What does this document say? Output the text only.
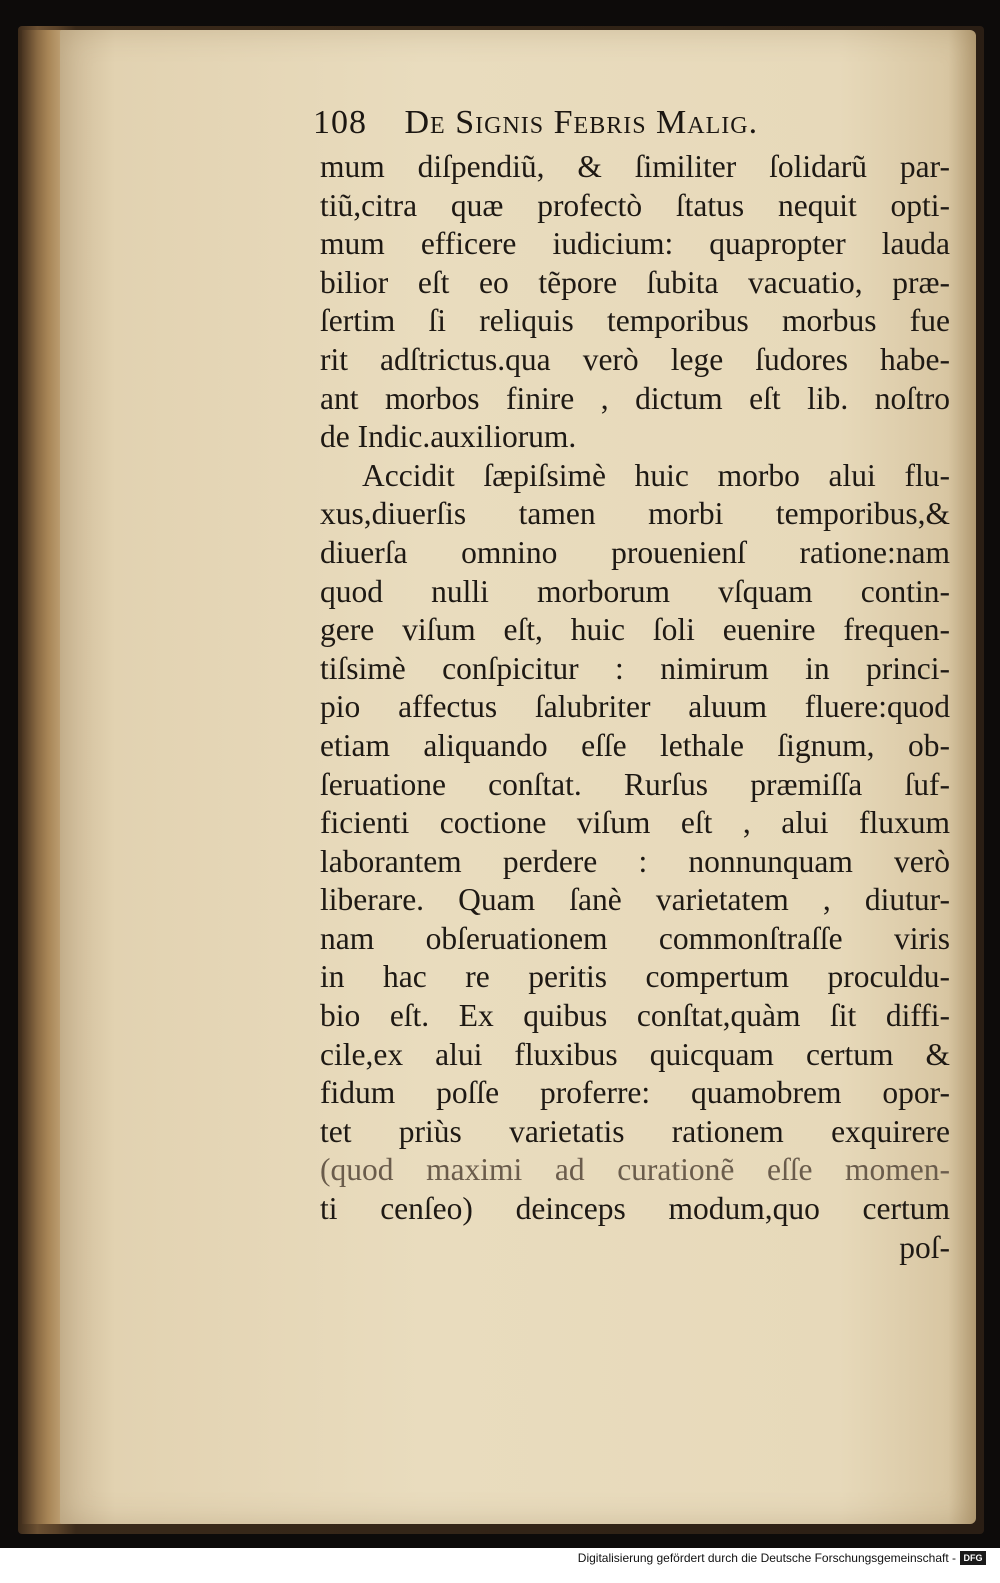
108 De Signis Febris Malig.
mum diſpendiũ, & ſimiliter ſolidarũ par-
tiũ,citra quæ profectò ſtatus nequit opti-
mum efficere iudicium: quapropter lauda
bilior eſt eo tẽpore ſubita vacuatio, præ-
ſertim ſi reliquis temporibus morbus fue
rit adſtrictus.qua verò lege ſudores habe-
ant morbos finire , dictum eſt lib. noſtro
de Indic.auxiliorum.
Accidit ſæpiſsimè huic morbo alui flu-
xus,diuerſis tamen morbi temporibus,&
diuerſa omnino prouenienſ ratione:nam
quod nulli morborum vſquam contin-
gere viſum eſt, huic ſoli euenire frequen-
tiſsimè conſpicitur : nimirum in princi-
pio affectus ſalubriter aluum fluere:quod
etiam aliquando eſſe lethale ſignum, ob-
ſeruatione conſtat. Rurſus præmiſſa ſuf-
ficienti coctione viſum eſt , alui fluxum
laborantem perdere : nonnunquam verò
liberare. Quam ſanè varietatem , diutur-
nam obſeruationem commonſtraſſe viris
in hac re peritis compertum proculdu-
bio eſt. Ex quibus conſtat,quàm ſit diffi-
cile,ex alui fluxibus quicquam certum &
fidum poſſe proferre: quamobrem opor-
tet priùs varietatis rationem exquirere
(quod maximi ad curationẽ eſſe momen-
ti cenſeo) deinceps modum,quo certum
poſ-
Digitalisierung gefördert durch die Deutsche Forschungsgemeinschaft - DFG
